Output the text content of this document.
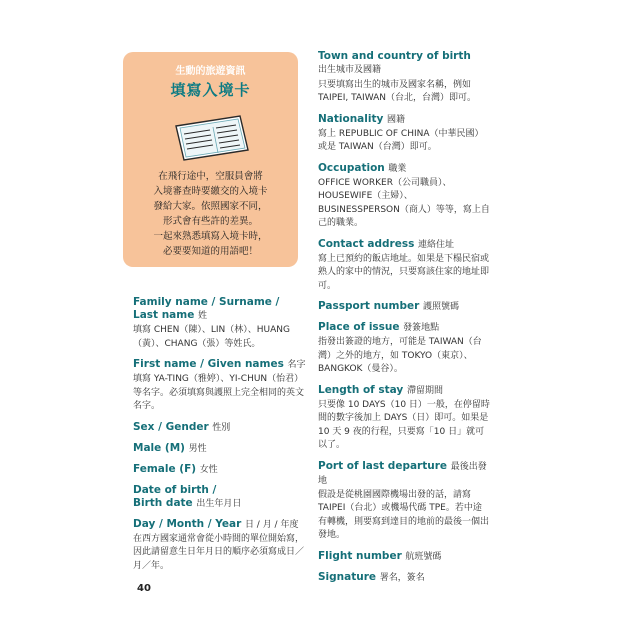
生動的旅遊資訊
填寫入境卡
在飛行途中，空服員會將
入境審查時要繳交的入境卡
發給大家。依照國家不同，
形式會有些許的差異。
一起來熟悉填寫入境卡時，
必要要知道的用語吧！
Family name / Surname /
Last name 姓
填寫 CHEN（陳）、LIN（林）、HUANG（黃）、CHANG（張）等姓氏。
First name / Given names 名字
填寫 YA-TING（雅婷）、YI-CHUN（怡君）等名字。必須填寫與護照上完全相同的英文名字。
Sex / Gender 性別
Male (M) 男性
Female (F) 女性
Date of birth /
Birth date 出生年月日
Day / Month / Year 日 / 月 / 年度
在西方國家通常會從小時間的單位開始寫，因此請留意生日年月日的順序必須寫成日／月／年。
Town and country of birth
出生城市及國籍
只要填寫出生的城市及國家名稱，例如 TAIPEI, TAIWAN（台北，台灣）即可。
Nationality 國籍
寫上 REPUBLIC OF CHINA（中華民國）或是 TAIWAN（台灣）即可。
Occupation 職業
OFFICE WORKER（公司職員）、HOUSEWIFE（主婦）、BUSINESSPERSON（商人）等等，寫上自己的職業。
Contact address 連絡住址
寫上已預約的飯店地址。如果是下榻民宿或熟人的家中的情況，只要寫該住家的地址即可。
Passport number 護照號碼
Place of issue 發簽地點
指發出簽證的地方，可能是 TAIWAN（台灣）之外的地方，如 TOKYO（東京）、BANGKOK（曼谷）。
Length of stay 滯留期間
只要像 10 DAYS（10 日）一般，在停留時間的數字後加上 DAYS（日）即可。如果是 10 天 9 夜的行程，只要寫「10 日」就可以了。
Port of last departure 最後出發地
假設是從桃園國際機場出發的話，請寫 TAIPEI（台北）或機場代碼 TPE。若中途有轉機，則要寫到達目的地前的最後一個出發地。
Flight number 航班號碼
Signature 署名，簽名
40
